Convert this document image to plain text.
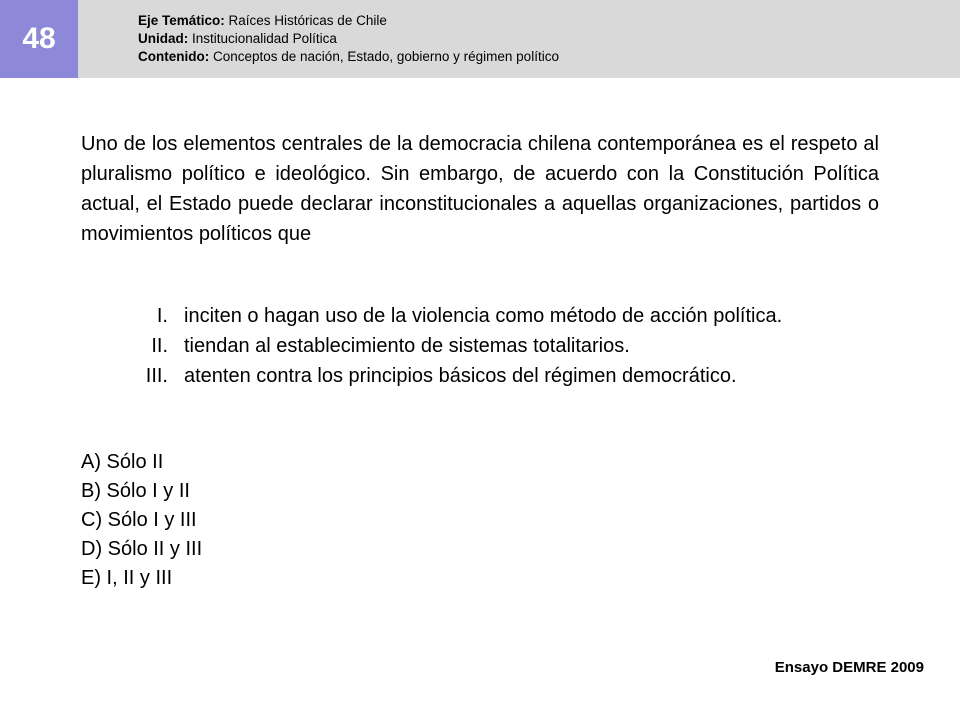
48
Eje Temático: Raíces Históricas de Chile
Unidad: Institucionalidad Política
Contenido: Conceptos de nación, Estado, gobierno y régimen político
Uno de los elementos centrales de la democracia chilena contemporánea es el respeto al pluralismo político e ideológico. Sin embargo, de acuerdo con la Constitución Política actual, el Estado puede declarar inconstitucionales a aquellas organizaciones, partidos o movimientos políticos que
I. inciten o hagan uso de la violencia como método de acción política.
II. tiendan al establecimiento de sistemas totalitarios.
III. atenten contra los principios básicos del régimen democrático.
A) Sólo II
B) Sólo I y II
C) Sólo I y III
D) Sólo II y III
E) I, II y III
Ensayo DEMRE 2009
